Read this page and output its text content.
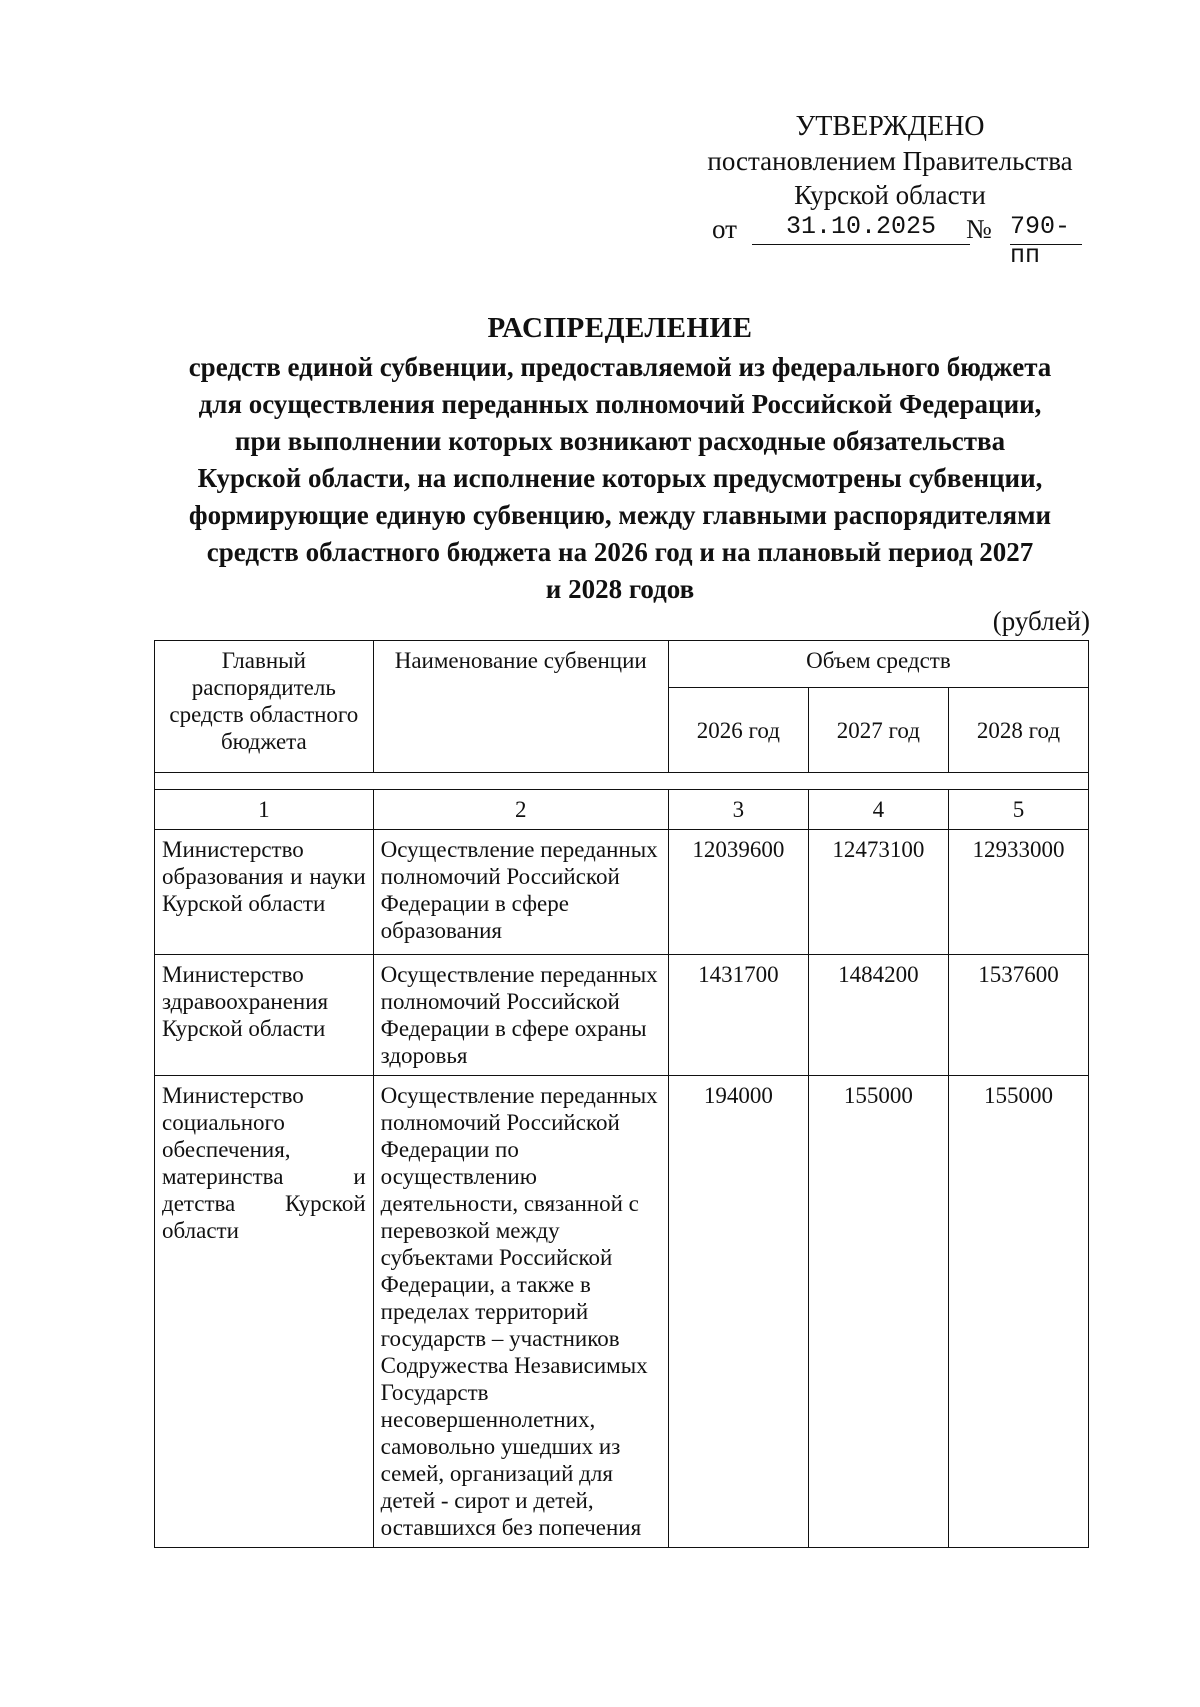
УТВЕРЖДЕНО
постановлением Правительства
Курской области
от	31.10.2025	№ 790-пп
РАСПРЕДЕЛЕНИЕ
средств единой субвенции, предоставляемой из федерального бюджета
для осуществления переданных полномочий Российской Федерации,
при выполнении которых возникают расходные обязательства
Курской области, на исполнение которых предусмотрены субвенции,
формирующие единую субвенцию, между главными распорядителями
средств областного бюджета на 2026 год и на плановый период 2027
и 2028 годов
(рублей)
Главный распорядитель средств областного бюджета	Наименование субвенции	Объем средств		
		2026 год	2027 год	2028 год

1	2	3	4	5
Министерство образования и науки Курской области	Осуществление переданных полномочий Российской Федерации в сфере образования	12039600	12473100	12933000
Министерство здравоохранения Курской области	Осуществление переданных полномочий Российской Федерации в сфере охраны здоровья	1431700	1484200	1537600
Министерство социального обеспечения, материнства и детства Курской области	Осуществление переданных полномочий Российской Федерации по осуществлению деятельности, связанной с перевозкой между субъектами Российской Федерации, а также в пределах территорий государств – участников Содружества Независимых Государств несовершеннолетних, самовольно ушедших из семей, организаций для детей - сирот и детей, оставшихся без попечения	194000	155000	155000
